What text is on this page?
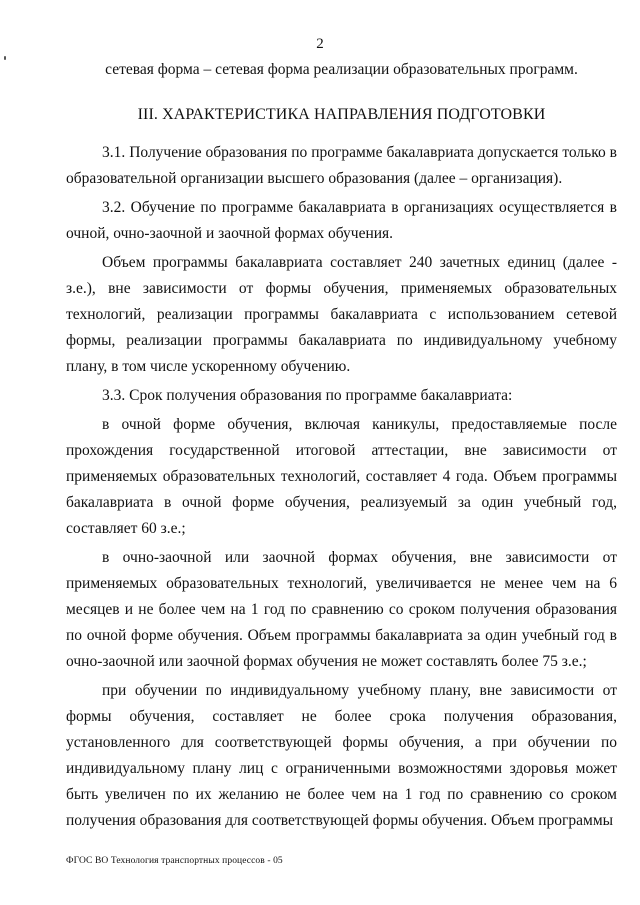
2

сетевая форма – сетевая форма реализации образовательных программ.

III. ХАРАКТЕРИСТИКА НАПРАВЛЕНИЯ ПОДГОТОВКИ

3.1. Получение образования по программе бакалавриата допускается только в образовательной организации высшего образования (далее – организация).

3.2. Обучение по программе бакалавриата в организациях осуществляется в очной, очно-заочной и заочной формах обучения.

Объем программы бакалавриата составляет 240 зачетных единиц (далее - з.е.), вне зависимости от формы обучения, применяемых образовательных технологий, реализации программы бакалавриата с использованием сетевой формы, реализации программы бакалавриата по индивидуальному учебному плану, в том числе ускоренному обучению.

3.3. Срок получения образования по программе бакалавриата:

в очной форме обучения, включая каникулы, предоставляемые после прохождения государственной итоговой аттестации, вне зависимости от применяемых образовательных технологий, составляет 4 года. Объем программы бакалавриата в очной форме обучения, реализуемый за один учебный год, составляет 60 з.е.;

в очно-заочной или заочной формах обучения, вне зависимости от применяемых образовательных технологий, увеличивается не менее чем на 6 месяцев и не более чем на 1 год по сравнению со сроком получения образования по очной форме обучения. Объем программы бакалавриата за один учебный год в очно-заочной или заочной формах обучения не может составлять более 75 з.е.;

при обучении по индивидуальному учебному плану, вне зависимости от формы обучения, составляет не более срока получения образования, установленного для соответствующей формы обучения, а при обучении по индивидуальному плану лиц с ограниченными возможностями здоровья может быть увеличен по их желанию не более чем на 1 год по сравнению со сроком получения образования для соответствующей формы обучения. Объем программы

ФГОС ВО Технология транспортных процессов - 05
